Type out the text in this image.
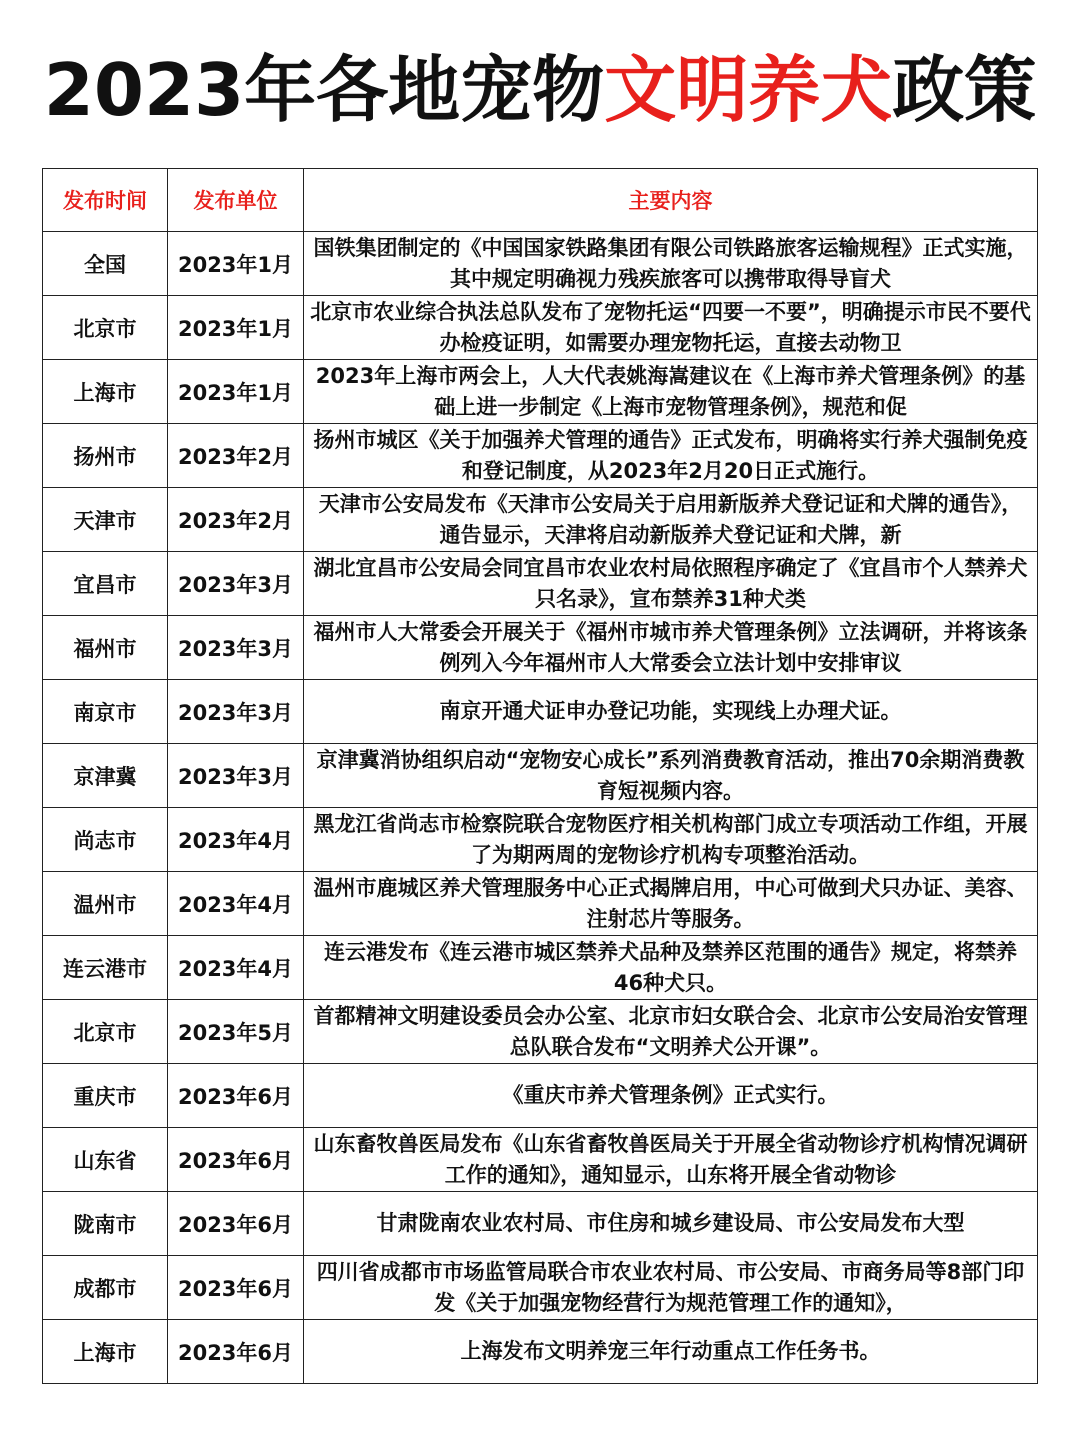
2023年各地宠物文明养犬政策
发布时间	发布单位	主要内容
全国	2023年1月	国铁集团制定的《中国国家铁路集团有限公司铁路旅客运输规程》正式实施，其中规定明确视力残疾旅客可以携带取得导盲犬

北京市	2023年1月	北京市农业综合执法总队发布了宠物托运“四要一不要”，明确提示市民不要代办检疫证明，如需要办理宠物托运，直接去动物卫

上海市	2023年1月	2023年上海市两会上，人大代表姚海嵩建议在《上海市养犬管理条例》的基础上进一步制定《上海市宠物管理条例》，规范和促

扬州市	2023年2月	扬州市城区《关于加强养犬管理的通告》正式发布，明确将实行养犬强制免疫和登记制度，从2023年2月20日正式施行。

天津市	2023年2月	天津市公安局发布《天津市公安局关于启用新版养犬登记证和犬牌的通告》，通告显示，天津将启动新版养犬登记证和犬牌，新

宜昌市	2023年3月	湖北宜昌市公安局会同宜昌市农业农村局依照程序确定了《宜昌市个人禁养犬只名录》，宣布禁养31种犬类

福州市	2023年3月	福州市人大常委会开展关于《福州市城市养犬管理条例》立法调研，并将该条例列入今年福州市人大常委会立法计划中安排审议

南京市	2023年3月	南京开通犬证申办登记功能，实现线上办理犬证。

京津冀	2023年3月	京津冀消协组织启动“宠物安心成长”系列消费教育活动，推出70余期消费教育短视频内容。

尚志市	2023年4月	黑龙江省尚志市检察院联合宠物医疗相关机构部门成立专项活动工作组，开展了为期两周的宠物诊疗机构专项整治活动。

温州市	2023年4月	温州市鹿城区养犬管理服务中心正式揭牌启用，中心可做到犬只办证、美容、注射芯片等服务。

连云港市	2023年4月	连云港发布《连云港市城区禁养犬品种及禁养区范围的通告》规定，将禁养46种犬只。

北京市	2023年5月	首都精神文明建设委员会办公室、北京市妇女联合会、北京市公安局治安管理总队联合发布“文明养犬公开课”。

重庆市	2023年6月	《重庆市养犬管理条例》正式实行。

山东省	2023年6月	山东畜牧兽医局发布《山东省畜牧兽医局关于开展全省动物诊疗机构情况调研工作的通知》，通知显示，山东将开展全省动物诊

陇南市	2023年6月	甘肃陇南农业农村局、市住房和城乡建设局、市公安局发布大型

成都市	2023年6月	四川省成都市市场监管局联合市农业农村局、市公安局、市商务局等8部门印发《关于加强宠物经营行为规范管理工作的通知》，

上海市	2023年6月	上海发布文明养宠三年行动重点工作任务书。
